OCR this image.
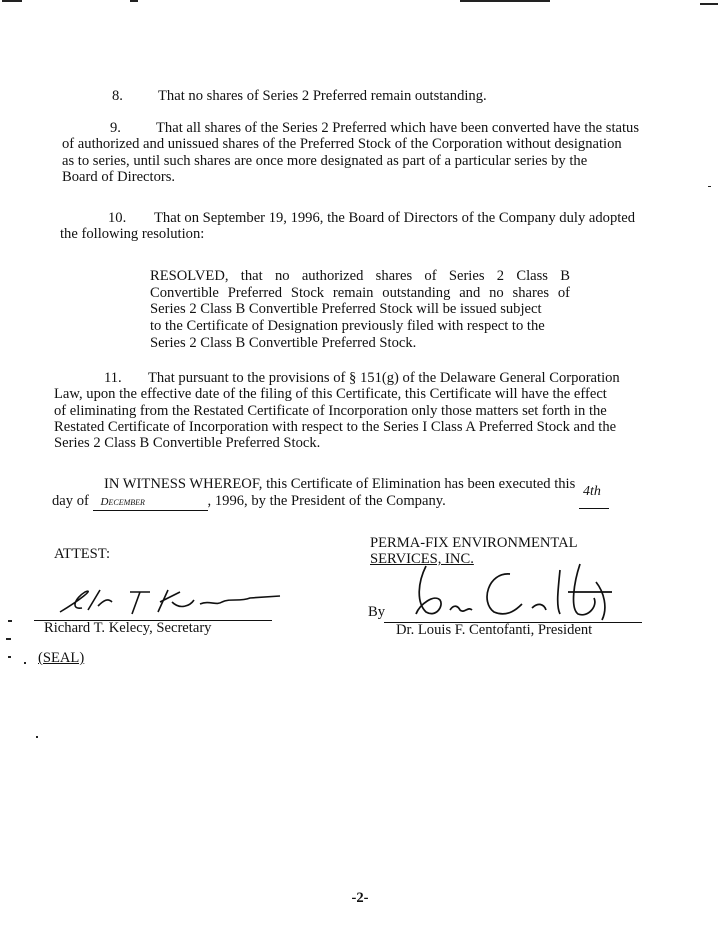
8. That no shares of Series 2 Preferred remain outstanding.
9. That all shares of the Series 2 Preferred which have been converted have the status
of authorized and unissued shares of the Preferred Stock of the Corporation without designation
as to series, until such shares are once more designated as part of a particular series by the
Board of Directors.
10. That on September 19, 1996, the Board of Directors of the Company duly adopted
the following resolution:
RESOLVED, that no authorized shares of Series 2 Class B
Convertible Preferred Stock remain outstanding and no shares of
Series 2 Class B Convertible Preferred Stock will be issued subject
to the Certificate of Designation previously filed with respect to the
Series 2 Class B Convertible Preferred Stock.
11. That pursuant to the provisions of § 151(g) of the Delaware General Corporation
Law, upon the effective date of the filing of this Certificate, this Certificate will have the effect
of eliminating from the Restated Certificate of Incorporation only those matters set forth in the
Restated Certificate of Incorporation with respect to the Series I Class A Preferred Stock and the
Series 2 Class B Convertible Preferred Stock.
IN WITNESS WHEREOF, this Certificate of Elimination has been executed this 4th
day of December	, 1996, by the President of the Company.
ATTEST:
PERMA-FIX ENVIRONMENTAL
SERVICES, INC.
Richard T. Kelecy, Secretary
(SEAL)
By
Dr. Louis F. Centofanti, President
-2-
